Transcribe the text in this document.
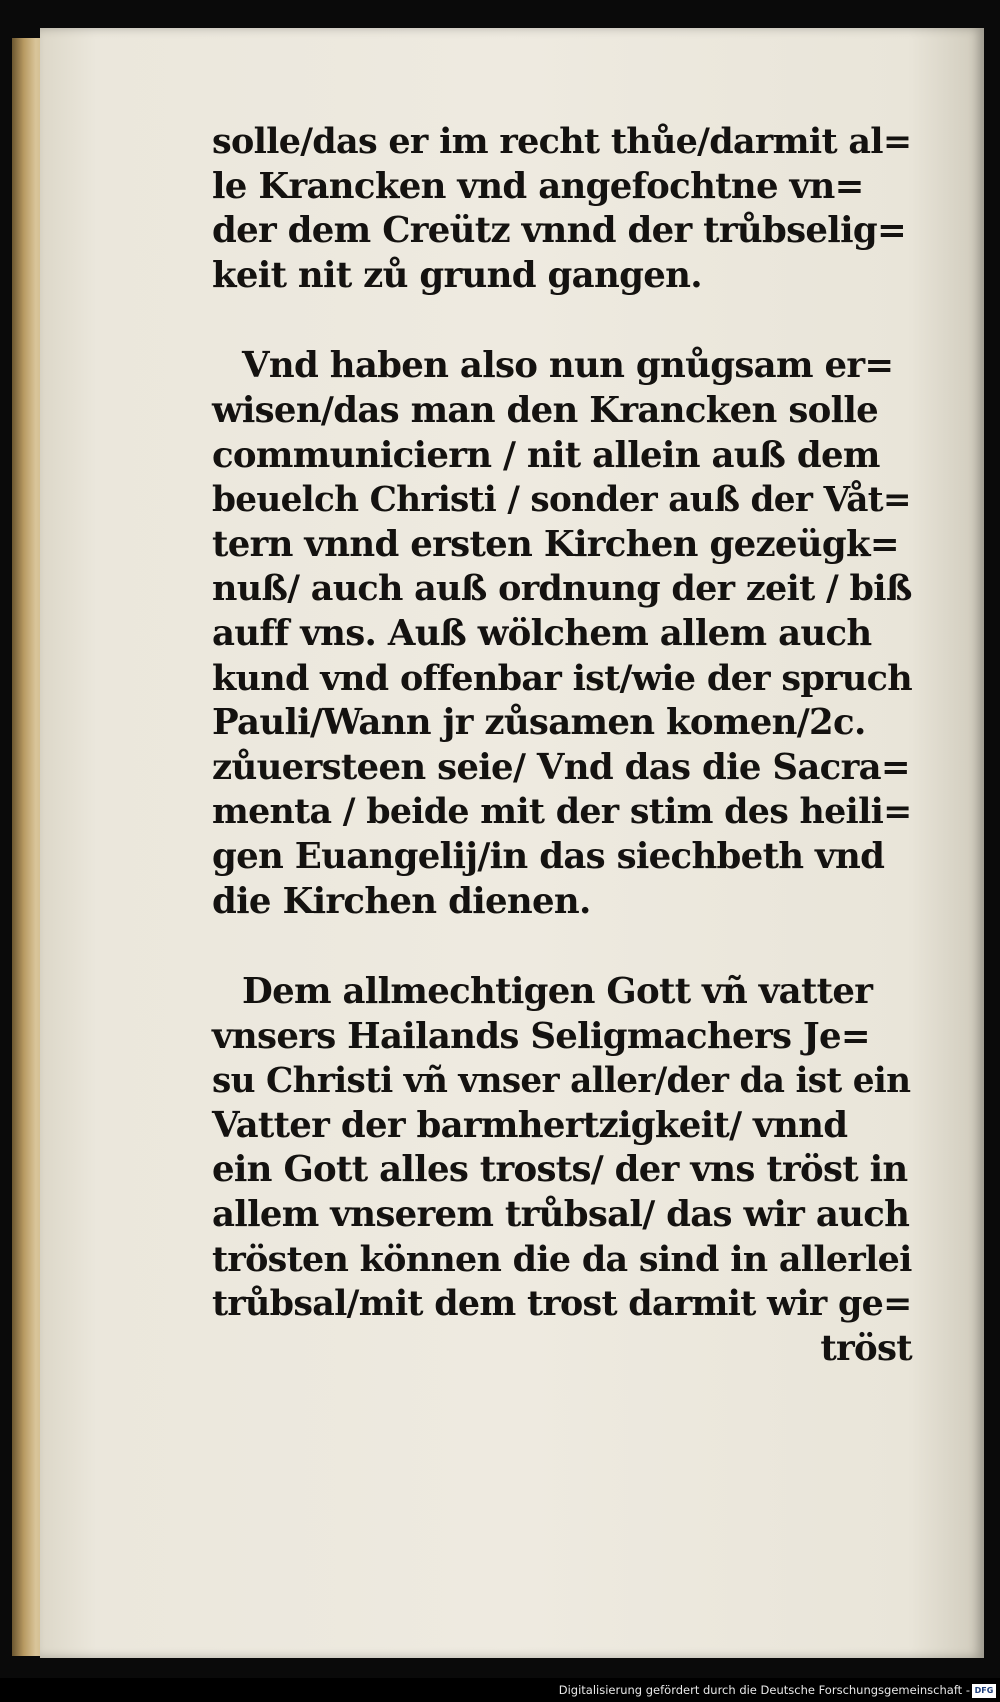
solle/das er im recht thůe/darmit al=
le Krancken vnd angefochtne vn=
der dem Creütz vnnd der trůbselig=
keit nit zů grund gangen.

Vnd haben also nun gnůgsam er=
wisen/das man den Krancken solle
communiciern / nit allein auß dem
beuelch Christi / sonder auß der Våt=
tern vnnd ersten Kirchen gezeügk=
nuß/ auch auß ordnung der zeit / biß
auff vns. Auß wölchem allem auch
kund vnd offenbar ist/wie der spruch
Pauli/Wann jr zůsamen komen/2c.
zůuersteen seie/ Vnd das die Sacra=
menta / beide mit der stim des heili=
gen Euangelij/in das siechbeth vnd
die Kirchen dienen.

Dem allmechtigen Gott vñ vatter
vnsers Hailands Seligmachers Je=
su Christi vñ vnser aller/der da ist ein
Vatter der barmhertzigkeit/ vnnd
ein Gott alles trosts/ der vns tröst in
allem vnserem trůbsal/ das wir auch
trösten können die da sind in allerlei
trůbsal/mit dem trost darmit wir ge=
tröst

Digitalisierung gefördert durch die Deutsche Forschungsgemeinschaft - DFG
